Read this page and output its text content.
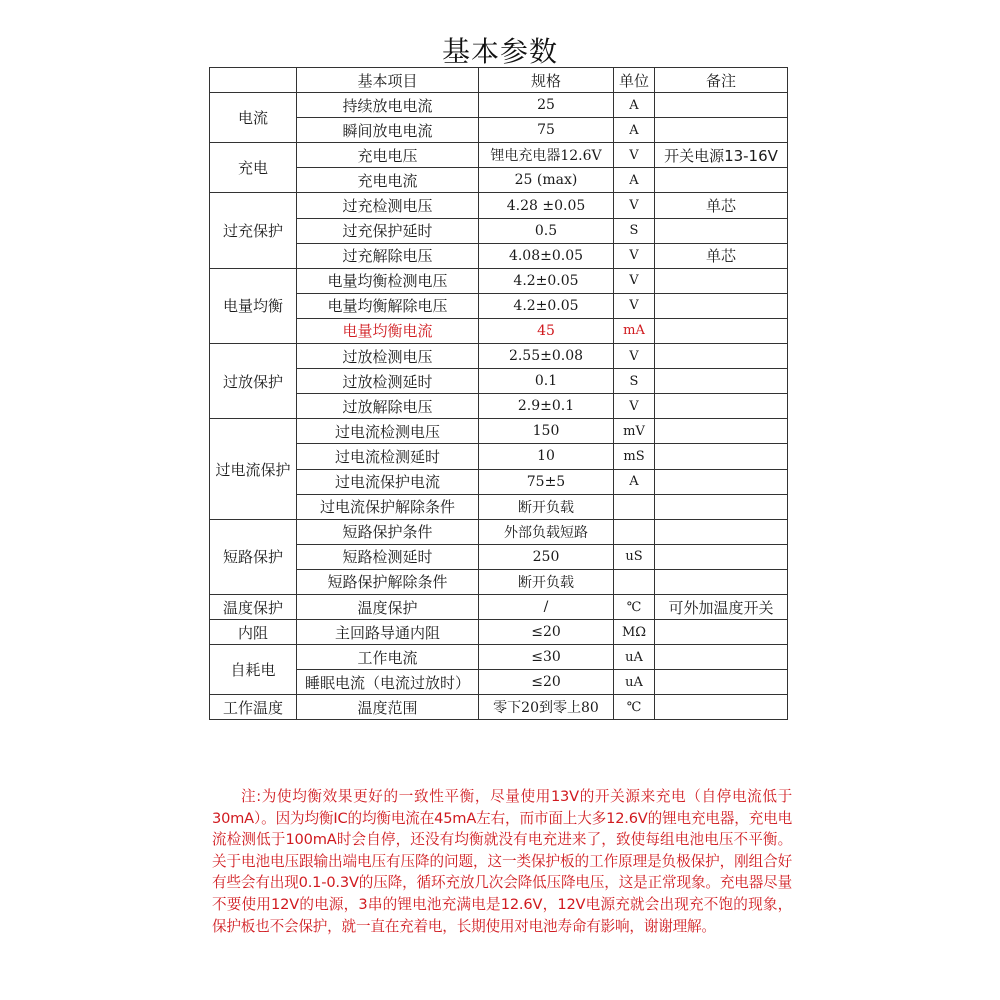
基本参数
	基本项目	规格	单位	备注
电流	持续放电电流	25	A	
	瞬间放电电流	75	A	
充电	充电电压	锂电充电器12.6V	V	开关电源13-16V
	充电电流	25 (max)	A	
过充保护	过充检测电压	4.28 ±0.05	V	单芯
	过充保护延时	0.5	S	
	过充解除电压	4.08±0.05	V	单芯
电量均衡	电量均衡检测电压	4.2±0.05	V	
	电量均衡解除电压	4.2±0.05	V	
	电量均衡电流	45	mA	
过放保护	过放检测电压	2.55±0.08	V	
	过放检测延时	0.1	S	
	过放解除电压	2.9±0.1	V	
过电流保护	过电流检测电压	150	mV	
	过电流检测延时	10	mS	
	过电流保护电流	75±5	A	
	过电流保护解除条件	断开负载		
短路保护	短路保护条件	外部负载短路		
	短路检测延时	250	uS	
	短路保护解除条件	断开负载		
温度保护	温度保护	/	℃	可外加温度开关
内阻	主回路导通内阻	≤20	MΩ	
自耗电	工作电流	≤30	uA	
	睡眠电流（电流过放时）	≤20	uA	
工作温度	温度范围	零下20到零上80	℃	
注:为使均衡效果更好的一致性平衡，尽量使用13V的开关源来充电（自停电流低于30mA）。因为均衡IC的均衡电流在45mA左右，而市面上大多12.6V的锂电充电器，充电电流检测低于100mA时会自停，还没有均衡就没有电充进来了，致使每组电池电压不平衡。关于电池电压跟输出端电压有压降的问题，这一类保护板的工作原理是负极保护，刚组合好有些会有出现0.1-0.3V的压降，循环充放几次会降低压降电压，这是正常现象。充电器尽量不要使用12V的电源，3串的锂电池充满电是12.6V，12V电源充就会出现充不饱的现象，保护板也不会保护，就一直在充着电，长期使用对电池寿命有影响，谢谢理解。
